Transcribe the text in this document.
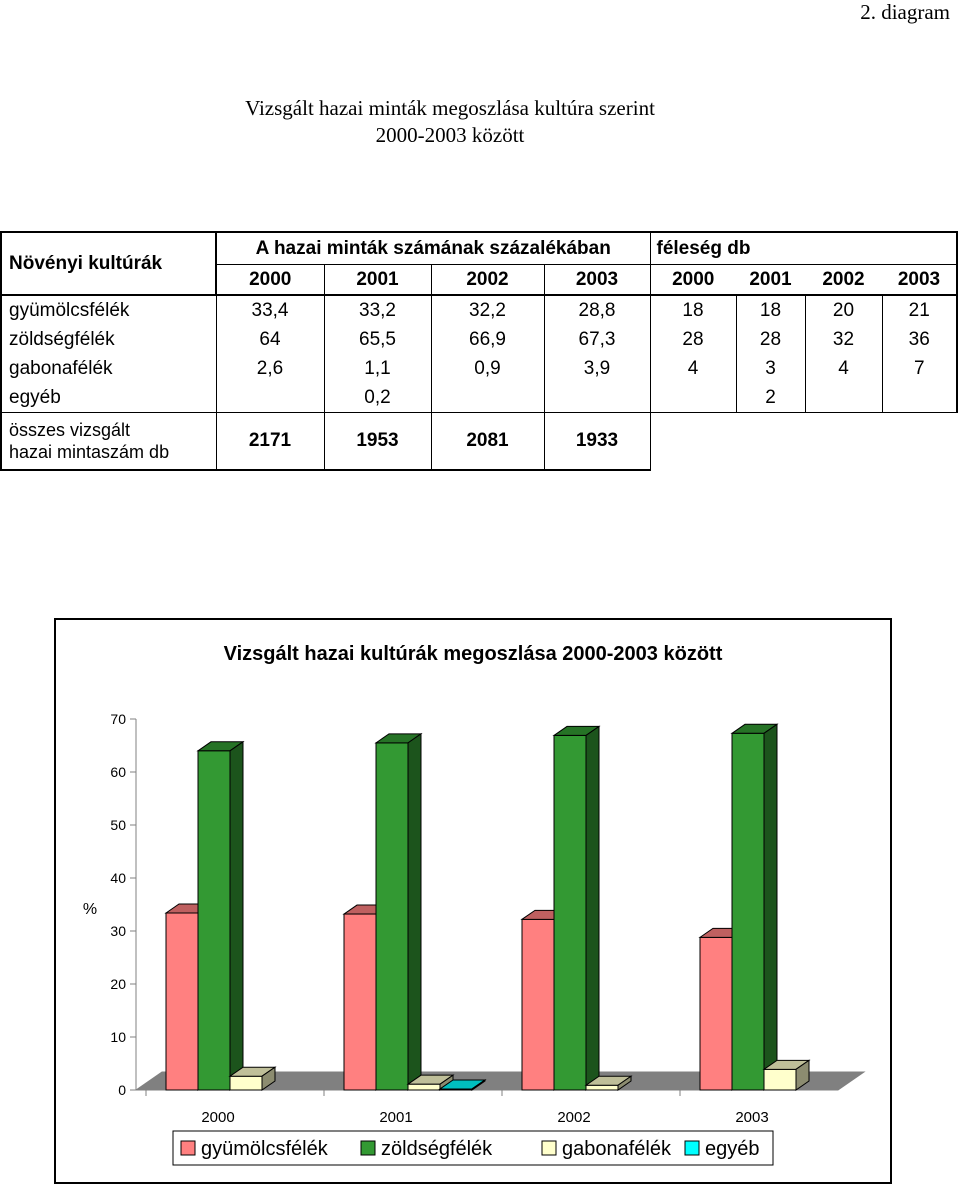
2. diagram
Vizsgált hazai minták megoszlása kultúra szerint
2000-2003 között
Növényi kultúrák	A hazai minták számának százalékában				féleség db			
	2000	2001	2002	2003	2000	2001	2002	2003
gyümölcsfélék	33,4	33,2	32,2	28,8	18	18	20	21
zöldségfélék	64	65,5	66,9	67,3	28	28	32	36
gabonafélék	2,6	1,1	0,9	3,9	4	3	4	7
egyéb		0,2				2		

összes vizsgált
hazai mintaszám db	2171	1953	2081	1933				
Vizsgált hazai kultúrák megoszlása 2000-2003 között
0
10
20
30
40
50
60
70
%
2000	2001	2002	2003
gyümölcsfélék	zöldségfélék	gabonafélék egyéb
